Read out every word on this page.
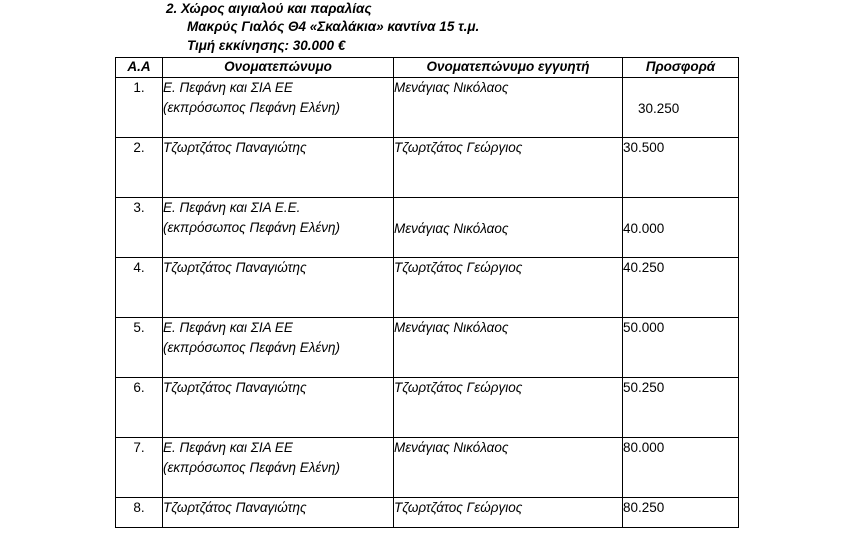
2. Χώρος αιγιαλού και παραλίας
Μακρύς Γιαλός Θ4 «Σκαλάκια» καντίνα 15 τ.μ.
Τιμή εκκίνησης: 30.000 €
Α.Α	Ονοματεπώνυμο	Ονοματεπώνυμο εγγυητή	Προσφορά
1.	Ε. Πεφάνη και ΣΙΑ ΕΕ
(εκπρόσωπος Πεφάνη Ελένη)	Μενάγιας Νικόλαος	30.250
2.	Τζωρτζάτος Παναγιώτης	Τζωρτζάτος Γεώργιος	30.500
3.	Ε. Πεφάνη και ΣΙΑ Ε.Ε.
(εκπρόσωπος Πεφάνη Ελένη)	Μενάγιας Νικόλαος	40.000
4.	Τζωρτζάτος Παναγιώτης	Τζωρτζάτος Γεώργιος	40.250
5.	Ε. Πεφάνη και ΣΙΑ ΕΕ
(εκπρόσωπος Πεφάνη Ελένη)	Μενάγιας Νικόλαος	50.000
6.	Τζωρτζάτος Παναγιώτης	Τζωρτζάτος Γεώργιος	50.250
7.	Ε. Πεφάνη και ΣΙΑ ΕΕ
(εκπρόσωπος Πεφάνη Ελένη)	Μενάγιας Νικόλαος	80.000
8.	Τζωρτζάτος Παναγιώτης	Τζωρτζάτος Γεώργιος	80.250
